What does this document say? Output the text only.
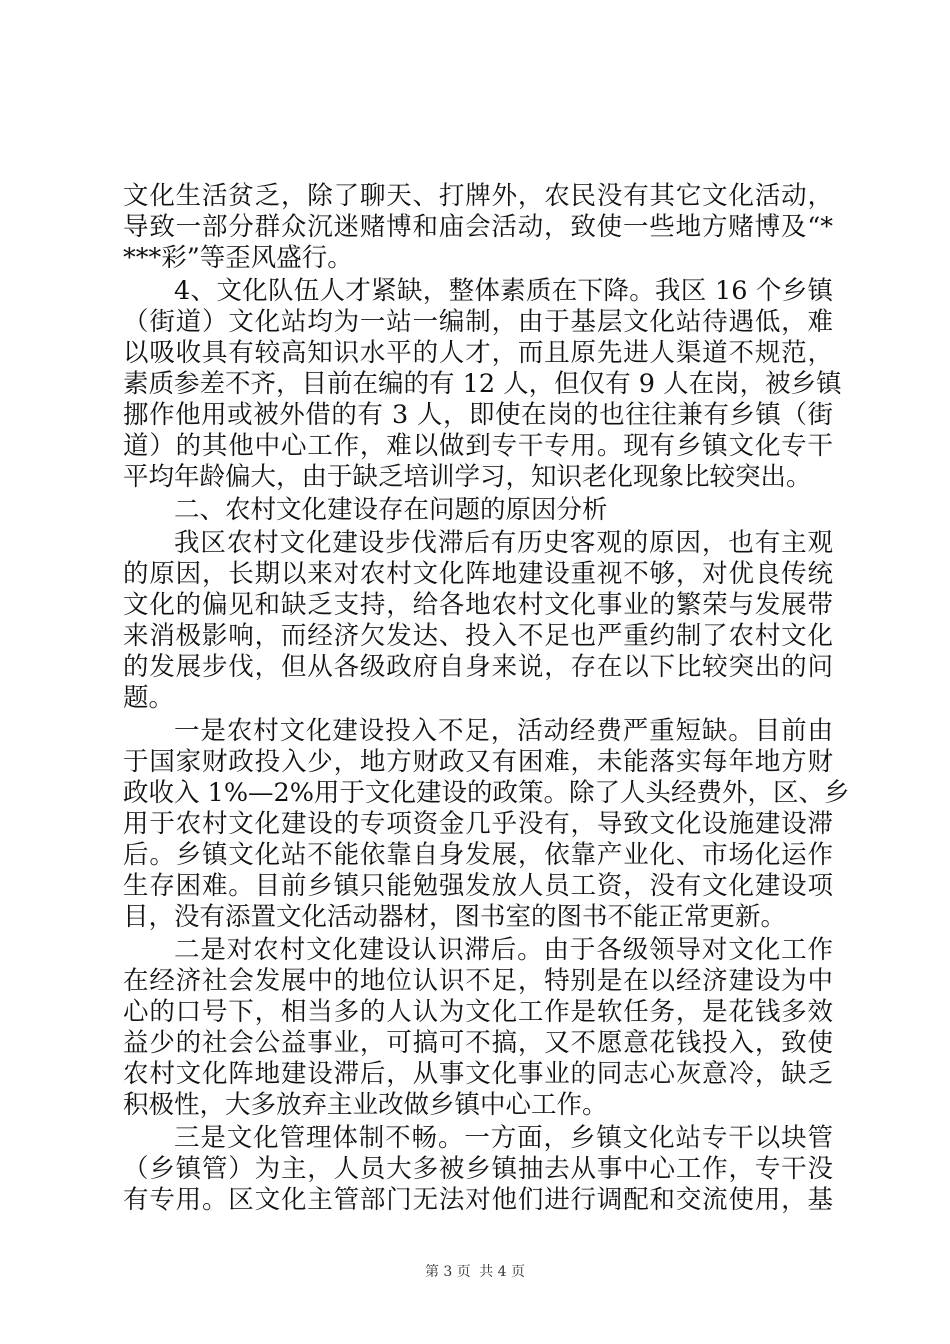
文化生活贫乏，除了聊天、打牌外，农民没有其它文化活动，
导致一部分群众沉迷赌博和庙会活动，致使一些地方赌博及“*
***彩”等歪风盛行。
4、文化队伍人才紧缺，整体素质在下降。我区 16 个乡镇
（街道）文化站均为一站一编制，由于基层文化站待遇低，难
以吸收具有较高知识水平的人才，而且原先进人渠道不规范，
素质参差不齐，目前在编的有 12 人，但仅有 9 人在岗，被乡镇
挪作他用或被外借的有 3 人，即使在岗的也往往兼有乡镇（街
道）的其他中心工作，难以做到专干专用。现有乡镇文化专干
平均年龄偏大，由于缺乏培训学习，知识老化现象比较突出。
二、农村文化建设存在问题的原因分析
我区农村文化建设步伐滞后有历史客观的原因，也有主观
的原因，长期以来对农村文化阵地建设重视不够，对优良传统
文化的偏见和缺乏支持，给各地农村文化事业的繁荣与发展带
来消极影响，而经济欠发达、投入不足也严重约制了农村文化
的发展步伐，但从各级政府自身来说，存在以下比较突出的问
题。
一是农村文化建设投入不足，活动经费严重短缺。目前由
于国家财政投入少，地方财政又有困难，未能落实每年地方财
政收入 1%—2%用于文化建设的政策。除了人头经费外，区、乡
用于农村文化建设的专项资金几乎没有，导致文化设施建设滞
后。乡镇文化站不能依靠自身发展，依靠产业化、市场化运作
生存困难。目前乡镇只能勉强发放人员工资，没有文化建设项
目，没有添置文化活动器材，图书室的图书不能正常更新。
二是对农村文化建设认识滞后。由于各级领导对文化工作
在经济社会发展中的地位认识不足，特别是在以经济建设为中
心的口号下，相当多的人认为文化工作是软任务，是花钱多效
益少的社会公益事业，可搞可不搞，又不愿意花钱投入，致使
农村文化阵地建设滞后，从事文化事业的同志心灰意冷，缺乏
积极性，大多放弃主业改做乡镇中心工作。
三是文化管理体制不畅。一方面，乡镇文化站专干以块管
（乡镇管）为主，人员大多被乡镇抽去从事中心工作，专干没
有专用。区文化主管部门无法对他们进行调配和交流使用，基
第 3 页 共 4 页
